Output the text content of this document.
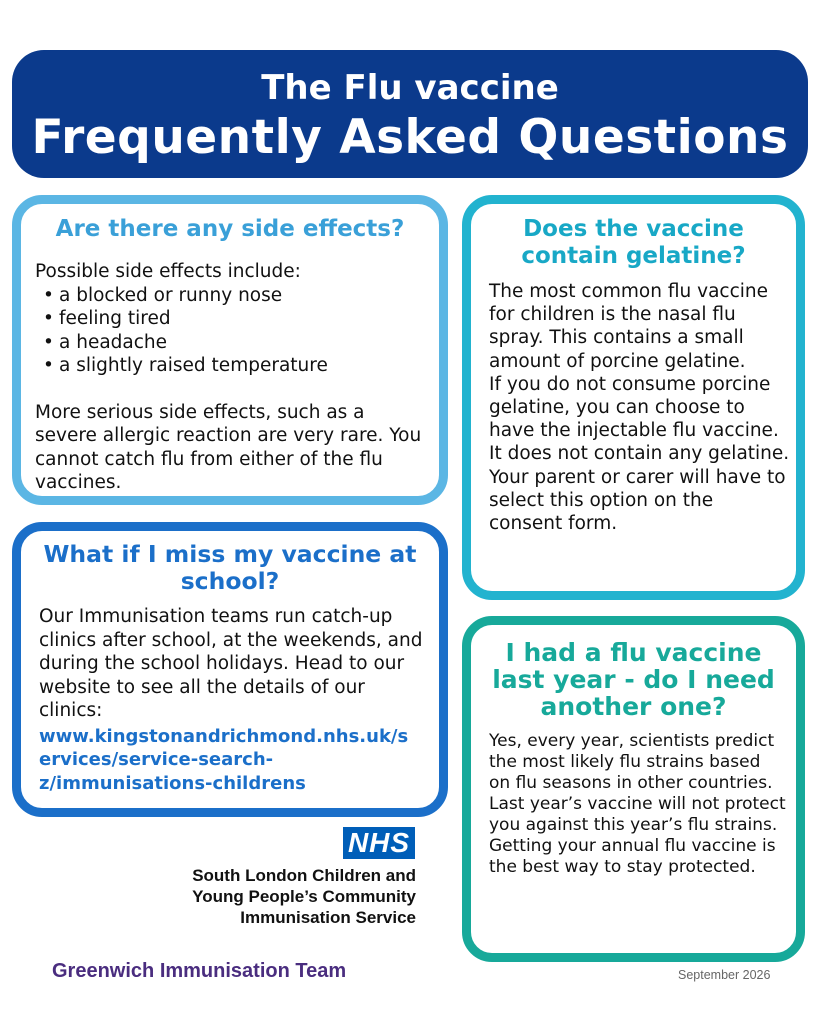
The Flu vaccine
Frequently Asked Questions
Are there any side effects?
Possible side effects include:
• a blocked or runny nose
• feeling tired
• a headache
• a slightly raised temperature
More serious side effects, such as a severe allergic reaction are very rare. You cannot catch flu from either of the flu vaccines.
What if I miss my vaccine at school?
Our Immunisation teams run catch-up clinics after school, at the weekends, and during the school holidays. Head to our website to see all the details of our clinics:
www.kingstonandrichmond.nhs.uk/s
ervices/service-search-
z/immunisations-childrens
Does the vaccine contain gelatine?
The most common flu vaccine for children is the nasal flu spray. This contains a small amount of porcine gelatine.
If you do not consume porcine gelatine, you can choose to have the injectable flu vaccine. It does not contain any gelatine. Your parent or carer will have to select this option on the consent form.
I had a flu vaccine last year - do I need another one?
Yes, every year, scientists predict the most likely flu strains based on flu seasons in other countries. Last year’s vaccine will not protect you against this year’s flu strains. Getting your annual flu vaccine is the best way to stay protected.
NHS
South London Children and
Young People’s Community
Immunisation Service
Greenwich Immunisation Team	September 2026
